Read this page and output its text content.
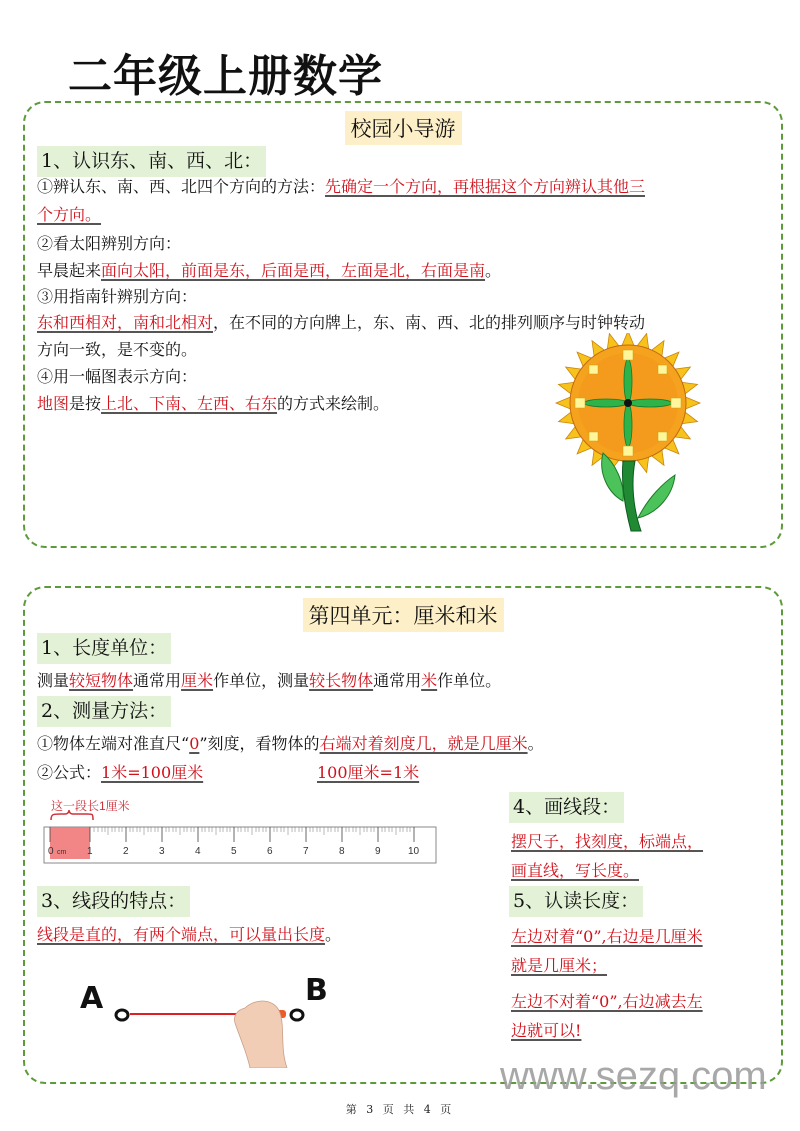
二年级上册数学
校园小导游
1、认识东、南、西、北：
①辨认东、南、西、北四个方向的方法：先确定一个方向，再根据这个方向辨认其他三
个方向。
②看太阳辨别方向：
早晨起来面向太阳，前面是东，后面是西，左面是北，右面是南。
③用指南针辨别方向：
东和西相对，南和北相对，在不同的方向牌上，东、南、西、北的排列顺序与时钟转动
方向一致，是不变的。
④用一幅图表示方向：
地图是按上北、下南、左西、右东的方式来绘制。
第四单元：厘米和米
1、长度单位：
测量较短物体通常用厘米作单位，测量较长物体通常用米作单位。
2、测量方法：
①物体左端对准直尺“0”刻度，看物体的右端对着刻度几，就是几厘米。
②公式：1米=100厘米	100厘米=1米
这一段长1厘米
0 cm 1	2	3	4	5	6	7	8	9	10
3、线段的特点：
线段是直的，有两个端点，可以量出长度。
A	B
4、画线段：
摆尺子，找刻度，标端点，
画直线，写长度。
5、认读长度：
左边对着“0”,右边是几厘米
就是几厘米；
左边不对着“0”,右边减去左
边就可以!
www.sezq.com
第 3 页 共 4 页
